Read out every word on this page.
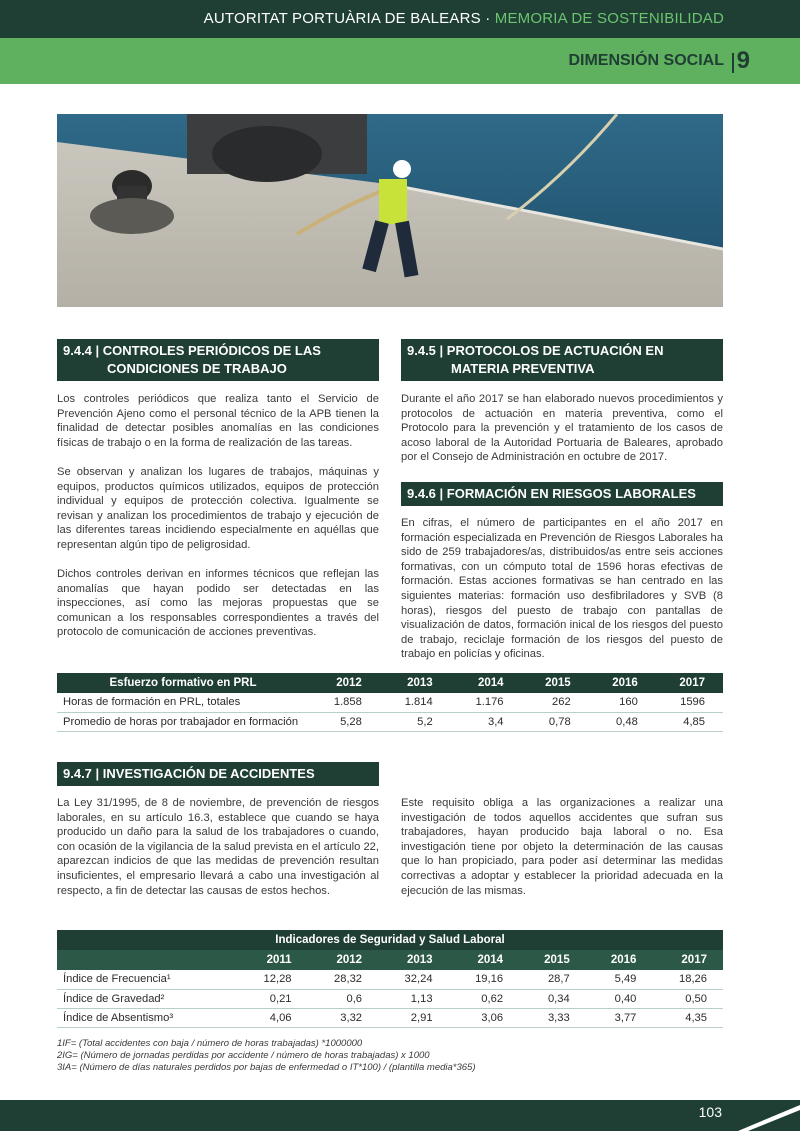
AUTORITAT PORTUÀRIA DE BALEARS · MEMORIA DE SOSTENIBILIDAD
DIMENSIÓN SOCIAL 9
9.4.4 | CONTROLES PERIÓDICOS DE LAS
CONDICIONES DE TRABAJO

Los controles periódicos que realiza tanto el Servicio de Prevención Ajeno como el personal técnico de la APB tienen la finalidad de detectar posibles anomalías en las condiciones físicas de trabajo o en la forma de realización de las tareas.

Se observan y analizan los lugares de trabajos, máquinas y equipos, productos químicos utilizados, equipos de protección individual y equipos de protección colectiva. Igualmente se revisan y analizan los procedimientos de trabajo y ejecución de las diferentes tareas incidiendo especialmente en aquéllas que representan algún tipo de peligrosidad.

Dichos controles derivan en informes técnicos que reflejan las anomalías que hayan podido ser detectadas en las inspecciones, así como las mejoras propuestas que se comunican a los responsables correspondientes a través del protocolo de comunicación de acciones preventivas.

9.4.5 | PROTOCOLOS DE ACTUACIÓN EN
MATERIA PREVENTIVA

Durante el año 2017 se han elaborado nuevos procedimientos y protocolos de actuación en materia preventiva, como el Protocolo para la prevención y el tratamiento de los casos de acoso laboral de la Autoridad Portuaria de Baleares, aprobado por el Consejo de Administración en octubre de 2017.

9.4.6 | FORMACIÓN EN RIESGOS LABORALES

En cifras, el número de participantes en el año 2017 en formación especializada en Prevención de Riesgos Laborales ha sido de 259 trabajadores/as, distribuidos/as entre seis acciones formativas, con un cómputo total de 1596 horas efectivas de formación. Estas acciones formativas se han centrado en las siguientes materias: formación uso desfibriladores y SVB (8 horas), riesgos del puesto de trabajo con pantallas de visualización de datos, formación inical de los riesgos del puesto de trabajo, reciclaje formación de los riesgos del puesto de trabajo en policías y oficinas.

Esfuerzo formativo en PRL	2012	2013	2014	2015	2016	2017
Horas de formación en PRL, totales	1.858	1.814	1.176	262	160	1596
Promedio de horas por trabajador en formación	5,28	5,2	3,4	0,78	0,48	4,85
9.4.7 | INVESTIGACIÓN DE ACCIDENTES

La Ley 31/1995, de 8 de noviembre, de prevención de riesgos laborales, en su artículo 16.3, establece que cuando se haya producido un daño para la salud de los trabajadores o cuando, con ocasión de la vigilancia de la salud prevista en el artículo 22, aparezcan indicios de que las medidas de prevención resultan insuficientes, el empresario llevará a cabo una investigación al respecto, a fin de detectar las causas de estos hechos.

Este requisito obliga a las organizaciones a realizar una investigación de todos aquellos accidentes que sufran sus trabajadores, hayan producido baja laboral o no. Esa investigación tiene por objeto la determinación de las causas que lo han propiciado, para poder así determinar las medidas correctivas a adoptar y establecer la prioridad adecuada en la ejecución de las mismas.

Indicadores de Seguridad y Salud Laboral							
	2011	2012	2013	2014	2015	2016	2017
Índice de Frecuencia¹	12,28	28,32	32,24	19,16	28,7	5,49	18,26
Índice de Gravedad²	0,21	0,6	1,13	0,62	0,34	0,40	0,50
Índice de Absentismo³	4,06	3,32	2,91	3,06	3,33	3,77	4,35
1IF= (Total accidentes con baja / número de horas trabajadas) *1000000
2IG= (Número de jornadas perdidas por accidente / número de horas trabajadas) x 1000
3IA= (Número de días naturales perdidos por bajas de enfermedad o IT*100) / (plantilla media*365)
103
